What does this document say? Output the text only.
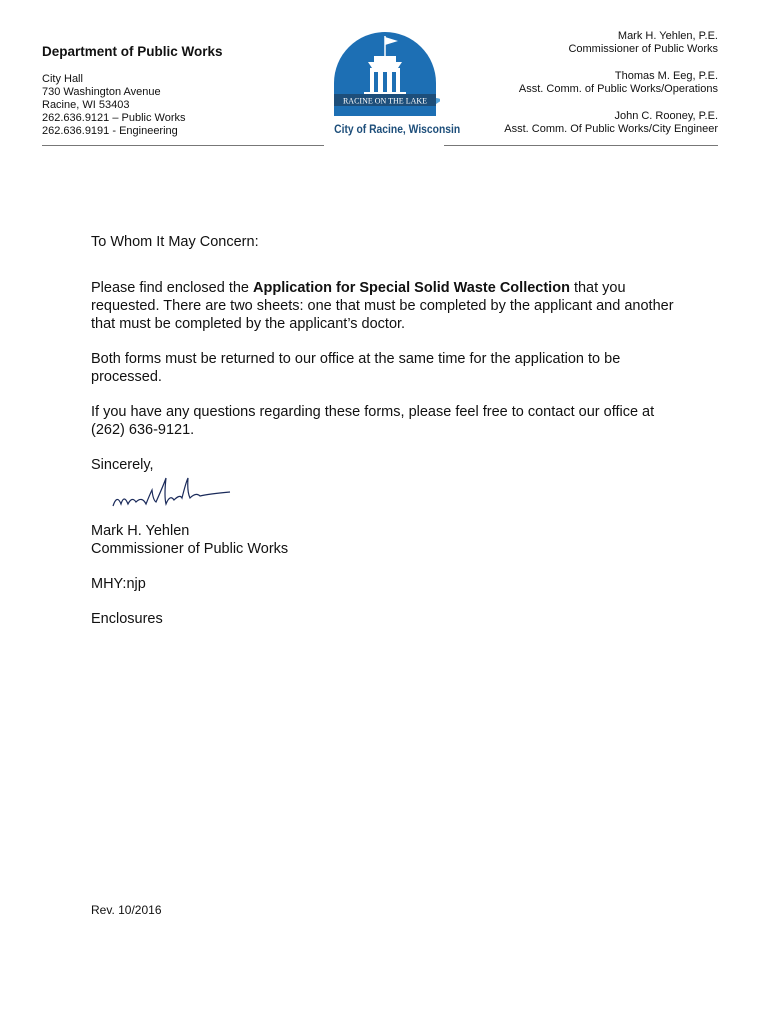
Department of Public Works
City Hall
730 Washington Avenue
Racine, WI 53403
262.636.9121 – Public Works
262.636.9191 - Engineering
RACINE ON THE LAKE
City of Racine, Wisconsin
Mark H. Yehlen, P.E.
Commissioner of Public Works
Thomas M. Eeg, P.E.
Asst. Comm. of Public Works/Operations
John C. Rooney, P.E.
Asst. Comm. Of Public Works/City Engineer

To Whom It May Concern:

Please find enclosed the Application for Special Solid Waste Collection that you requested. There are two sheets: one that must be completed by the applicant and another that must be completed by the applicant’s doctor.

Both forms must be returned to our office at the same time for the application to be processed.

If you have any questions regarding these forms, please feel free to contact our office at (262) 636-9121.

Sincerely,

Mark H. Yehlen
Commissioner of Public Works

MHY:njp

Enclosures

Rev. 10/2016
